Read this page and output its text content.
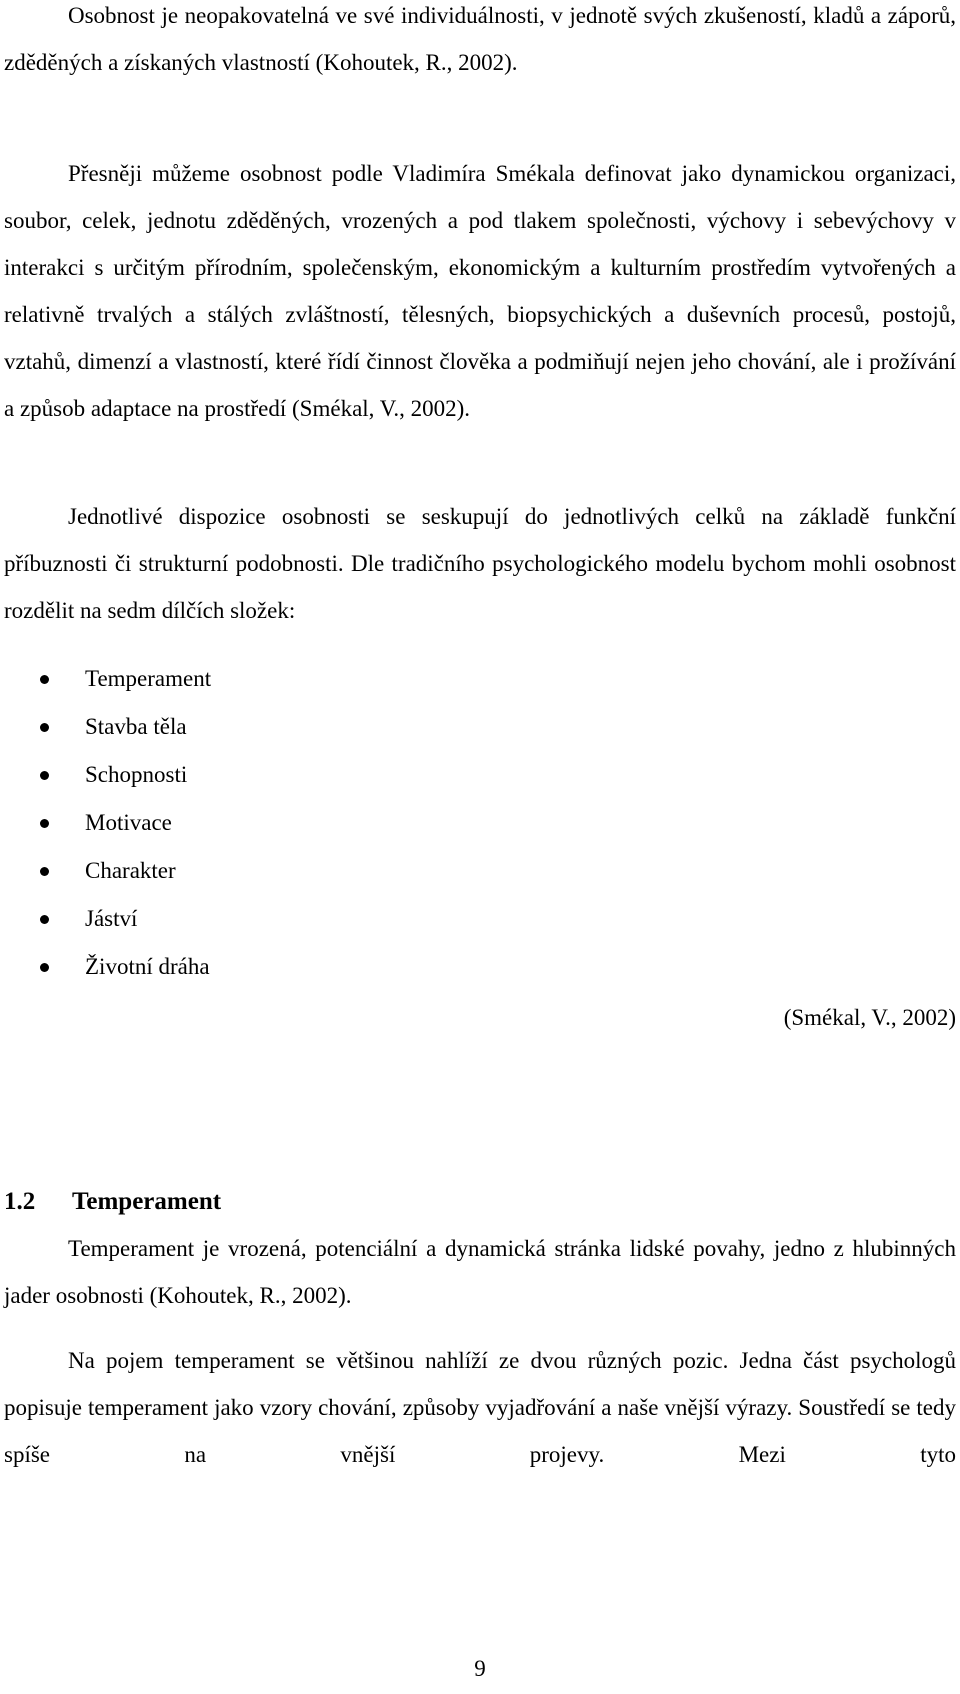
Osobnost je neopakovatelná ve své individuálnosti, v jednotě svých zkušeností, kladů a záporů, zděděných a získaných vlastností (Kohoutek, R., 2002).

Přesněji můžeme osobnost podle Vladimíra Smékala definovat jako dynamickou organizaci, soubor, celek, jednotu zděděných, vrozených a pod tlakem společnosti, výchovy i sebevýchovy v interakci s určitým přírodním, společenským, ekonomickým a kulturním prostředím vytvořených a relativně trvalých a stálých zvláštností, tělesných, biopsychických a duševních procesů, postojů, vztahů, dimenzí a vlastností, které řídí činnost člověka a podmiňují nejen jeho chování, ale i prožívání a způsob adaptace na prostředí (Smékal, V., 2002).

Jednotlivé dispozice osobnosti se seskupují do jednotlivých celků na základě funkční příbuznosti či strukturní podobnosti. Dle tradičního psychologického modelu bychom mohli osobnost rozdělit na sedm dílčích složek:

Temperament
Stavba těla
Schopnosti
Motivace
Charakter
Jáství
Životní dráha
(Smékal, V., 2002)
1.2 Temperament

Temperament je vrozená, potenciální a dynamická stránka lidské povahy, jedno z hlubinných jader osobnosti (Kohoutek, R., 2002).

Na pojem temperament se většinou nahlíží ze dvou různých pozic. Jedna část psychologů popisuje temperament jako vzory chování, způsoby vyjadřování a naše vnější výrazy. Soustředí se tedy spíše na vnější projevy. Mezi tyto

9
